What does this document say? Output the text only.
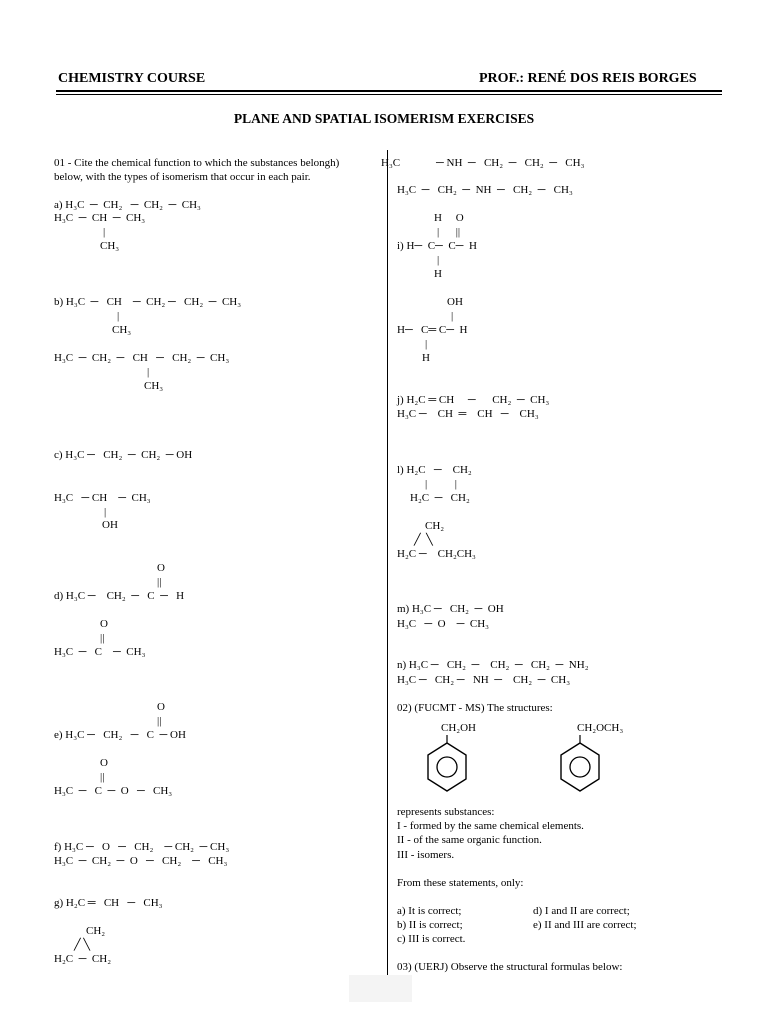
CHEMISTRY COURSE	PROF.: RENÉ DOS REIS BORGES
PLANE AND SPATIAL ISOMERISM EXERCISES
01 - Cite the chemical function to which the substances belongh)
below, with the types of isomerism that occur in each pair.
a) H₃C  ─  CH₂   ─  CH₂  ─  CH₃
H₃C  ─  CH  ─  CH₃
|
CH₃
b) H₃C  ─   CH    ─  CH₂ ─   CH₂  ─  CH₃
|
CH₃
H₃C  ─  CH₂  ─   CH   ─   CH₂  ─  CH₃
|
CH₃
c) H₃C ─   CH₂  ─  CH₂  ─ OH
H₃C   ─ CH    ─  CH₃
|
OH
O
||
d) H₃C ─    CH₂  ─   C  ─   H
O
||
H₃C  ─   C    ─  CH₃
O
||
e) H₃C ─   CH₂   ─   C  ─ OH
O
||
H₃C  ─   C  ─  O   ─   CH₃
f) H₃C ─   O   ─   CH₂    ─ CH₂  ─ CH₃
H₃C  ─  CH₂  ─  O   ─   CH₂    ─   CH₃
g) H₂C ═   CH   ─   CH₃
CH₂
╱ ╲
H₂C  ─  CH₂
H₃C	─ NH  ─   CH₂  ─   CH₂  ─   CH₃
H₃C  ─   CH₂  ─  NH  ─   CH₂  ─   CH₃
H     O
|      ||
i) H─  C─  C─  H
|
H
OH
|
H─   C═ C─  H
|
H
j) H₂C ═ CH     ─      CH₂  ─  CH₃
H₃C ─    CH  ═    CH   ─    CH₃
l) H₂C   ─    CH₂
|          |
H₂C  ─   CH₂
CH₂
╱  ╲
H₂C ─    CH₂CH₃
m) H₃C ─   CH₂  ─  OH
H₃C   ─  O    ─  CH₃
n) H₃C ─   CH₂  ─    CH₂  ─   CH₂  ─  NH₂
H₃C ─   CH₂ ─   NH  ─    CH₂  ─  CH₃
02) (FUCMT - MS) The structures:
CH₂OH	CH₂OCH₃
represents substances:
I - formed by the same chemical elements.
II - of the same organic function.
III - isomers.
From these statements, only:
a) It is correct;
b) II is correct;
c) III is correct.
d) I and II are correct;
e) II and III are correct;
03) (UERJ) Observe the structural formulas below:
